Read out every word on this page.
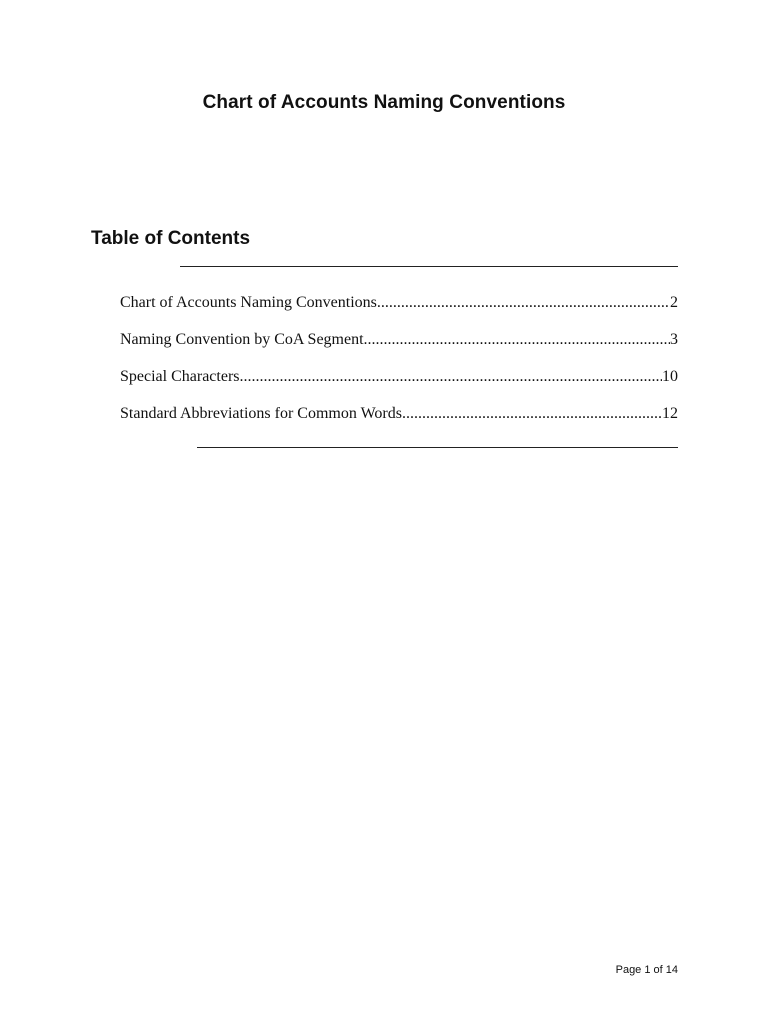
Chart of Accounts Naming Conventions
Table of Contents
Chart of Accounts Naming Conventions .....	2
Naming Convention by CoA Segment .....	3
Special Characters .....	10
Standard Abbreviations for Common Words .....	12

Page 1 of 14
